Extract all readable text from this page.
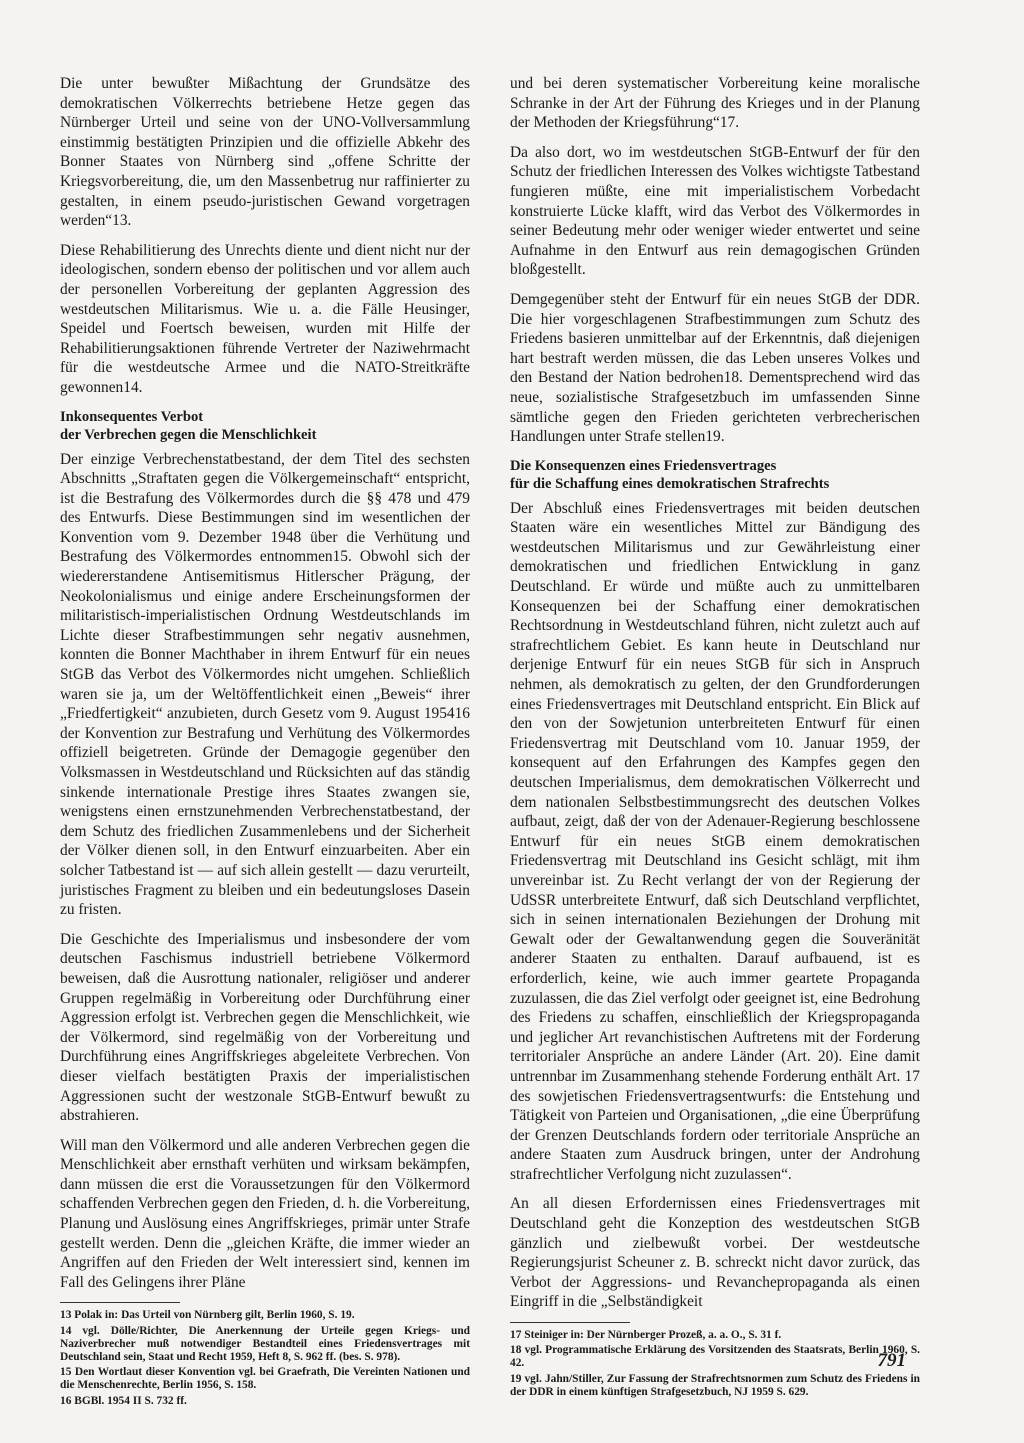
Die unter bewußter Mißachtung der Grundsätze des demokratischen Völkerrechts betriebene Hetze gegen das Nürnberger Urteil und seine von der UNO-Vollversammlung einstimmig bestätigten Prinzipien und die offizielle Abkehr des Bonner Staates von Nürnberg sind „offene Schritte der Kriegsvorbereitung, die, um den Massenbetrug nur raffinierter zu gestalten, in einem pseudo-juristischen Gewand vorgetragen werden“13.

Diese Rehabilitierung des Unrechts diente und dient nicht nur der ideologischen, sondern ebenso der politischen und vor allem auch der personellen Vorbereitung der geplanten Aggression des westdeutschen Militarismus. Wie u. a. die Fälle Heusinger, Speidel und Foertsch beweisen, wurden mit Hilfe der Rehabilitierungsaktionen führende Vertreter der Naziwehrmacht für die westdeutsche Armee und die NATO-Streitkräfte gewonnen14.

Inkonsequentes Verbot
der Verbrechen gegen die Menschlichkeit

Der einzige Verbrechenstatbestand, der dem Titel des sechsten Abschnitts „Straftaten gegen die Völkergemeinschaft“ entspricht, ist die Bestrafung des Völkermordes durch die §§ 478 und 479 des Entwurfs. Diese Bestimmungen sind im wesentlichen der Konvention vom 9. Dezember 1948 über die Verhütung und Bestrafung des Völkermordes entnommen15. Obwohl sich der wiedererstandene Antisemitismus Hitlerscher Prägung, der Neokolonialismus und einige andere Erscheinungsformen der militaristisch-imperialistischen Ordnung Westdeutschlands im Lichte dieser Strafbestimmungen sehr negativ ausnehmen, konnten die Bonner Machthaber in ihrem Entwurf für ein neues StGB das Verbot des Völkermordes nicht umgehen. Schließlich waren sie ja, um der Weltöffentlichkeit einen „Beweis“ ihrer „Friedfertigkeit“ anzubieten, durch Gesetz vom 9. August 195416 der Konvention zur Bestrafung und Verhütung des Völkermordes offiziell beigetreten. Gründe der Demagogie gegenüber den Volksmassen in Westdeutschland und Rücksichten auf das ständig sinkende internationale Prestige ihres Staates zwangen sie, wenigstens einen ernstzunehmenden Verbrechenstatbestand, der dem Schutz des friedlichen Zusammenlebens und der Sicherheit der Völker dienen soll, in den Entwurf einzuarbeiten. Aber ein solcher Tatbestand ist — auf sich allein gestellt — dazu verurteilt, juristisches Fragment zu bleiben und ein bedeutungsloses Dasein zu fristen.

Die Geschichte des Imperialismus und insbesondere der vom deutschen Faschismus industriell betriebene Völkermord beweisen, daß die Ausrottung nationaler, religiöser und anderer Gruppen regelmäßig in Vorbereitung oder Durchführung einer Aggression erfolgt ist. Verbrechen gegen die Menschlichkeit, wie der Völkermord, sind regelmäßig von der Vorbereitung und Durchführung eines Angriffskrieges abgeleitete Verbrechen. Von dieser vielfach bestätigten Praxis der imperialistischen Aggressionen sucht der westzonale StGB-Entwurf bewußt zu abstrahieren.

Will man den Völkermord und alle anderen Verbrechen gegen die Menschlichkeit aber ernsthaft verhüten und wirksam bekämpfen, dann müssen die erst die Voraussetzungen für den Völkermord schaffenden Verbrechen gegen den Frieden, d. h. die Vorbereitung, Planung und Auslösung eines Angriffskrieges, primär unter Strafe gestellt werden. Denn die „gleichen Kräfte, die immer wieder an Angriffen auf den Frieden der Welt interessiert sind, kennen im Fall des Gelingens ihrer Pläne

13 Polak in: Das Urteil von Nürnberg gilt, Berlin 1960, S. 19.

14 vgl. Dölle/Richter, Die Anerkennung der Urteile gegen Kriegs- und Naziverbrecher muß notwendiger Bestandteil eines Friedensvertrages mit Deutschland sein, Staat und Recht 1959, Heft 8, S. 962 ff. (bes. S. 978).

15 Den Wortlaut dieser Konvention vgl. bei Graefrath, Die Vereinten Nationen und die Menschenrechte, Berlin 1956, S. 158.

16 BGBl. 1954 II S. 732 ff.

und bei deren systematischer Vorbereitung keine moralische Schranke in der Art der Führung des Krieges und in der Planung der Methoden der Kriegsführung“17.

Da also dort, wo im westdeutschen StGB-Entwurf der für den Schutz der friedlichen Interessen des Volkes wichtigste Tatbestand fungieren müßte, eine mit imperialistischem Vorbedacht konstruierte Lücke klafft, wird das Verbot des Völkermordes in seiner Bedeutung mehr oder weniger wieder entwertet und seine Aufnahme in den Entwurf aus rein demagogischen Gründen bloßgestellt.

Demgegenüber steht der Entwurf für ein neues StGB der DDR. Die hier vorgeschlagenen Strafbestimmungen zum Schutz des Friedens basieren unmittelbar auf der Erkenntnis, daß diejenigen hart bestraft werden müssen, die das Leben unseres Volkes und den Bestand der Nation bedrohen18. Dementsprechend wird das neue, sozialistische Strafgesetzbuch im umfassenden Sinne sämtliche gegen den Frieden gerichteten verbrecherischen Handlungen unter Strafe stellen19.

Die Konsequenzen eines Friedensvertrages
für die Schaffung eines demokratischen Strafrechts

Der Abschluß eines Friedensvertrages mit beiden deutschen Staaten wäre ein wesentliches Mittel zur Bändigung des westdeutschen Militarismus und zur Gewährleistung einer demokratischen und friedlichen Entwicklung in ganz Deutschland. Er würde und müßte auch zu unmittelbaren Konsequenzen bei der Schaffung einer demokratischen Rechtsordnung in Westdeutschland führen, nicht zuletzt auch auf strafrechtlichem Gebiet. Es kann heute in Deutschland nur derjenige Entwurf für ein neues StGB für sich in Anspruch nehmen, als demokratisch zu gelten, der den Grundforderungen eines Friedensvertrages mit Deutschland entspricht. Ein Blick auf den von der Sowjetunion unterbreiteten Entwurf für einen Friedensvertrag mit Deutschland vom 10. Januar 1959, der konsequent auf den Erfahrungen des Kampfes gegen den deutschen Imperialismus, dem demokratischen Völkerrecht und dem nationalen Selbstbestimmungsrecht des deutschen Volkes aufbaut, zeigt, daß der von der Adenauer-Regierung beschlossene Entwurf für ein neues StGB einem demokratischen Friedensvertrag mit Deutschland ins Gesicht schlägt, mit ihm unvereinbar ist. Zu Recht verlangt der von der Regierung der UdSSR unterbreitete Entwurf, daß sich Deutschland verpflichtet, sich in seinen internationalen Beziehungen der Drohung mit Gewalt oder der Gewaltanwendung gegen die Souveränität anderer Staaten zu enthalten. Darauf aufbauend, ist es erforderlich, keine, wie auch immer geartete Propaganda zuzulassen, die das Ziel verfolgt oder geeignet ist, eine Bedrohung des Friedens zu schaffen, einschließlich der Kriegspropaganda und jeglicher Art revanchistischen Auftretens mit der Forderung territorialer Ansprüche an andere Länder (Art. 20). Eine damit untrennbar im Zusammenhang stehende Forderung enthält Art. 17 des sowjetischen Friedensvertragsentwurfs: die Entstehung und Tätigkeit von Parteien und Organisationen, „die eine Überprüfung der Grenzen Deutschlands fordern oder territoriale Ansprüche an andere Staaten zum Ausdruck bringen, unter der Androhung strafrechtlicher Verfolgung nicht zuzulassen“.

An all diesen Erfordernissen eines Friedensvertrages mit Deutschland geht die Konzeption des westdeutschen StGB gänzlich und zielbewußt vorbei. Der westdeutsche Regierungsjurist Scheuner z. B. schreckt nicht davor zurück, das Verbot der Aggressions- und Revanchepropaganda als einen Eingriff in die „Selbständigkeit

17 Steiniger in: Der Nürnberger Prozeß, a. a. O., S. 31 f.

18 vgl. Programmatische Erklärung des Vorsitzenden des Staatsrats, Berlin 1960, S. 42.

19 vgl. Jahn/Stiller, Zur Fassung der Strafrechtsnormen zum Schutz des Friedens in der DDR in einem künftigen Strafgesetzbuch, NJ 1959 S. 629.

791
